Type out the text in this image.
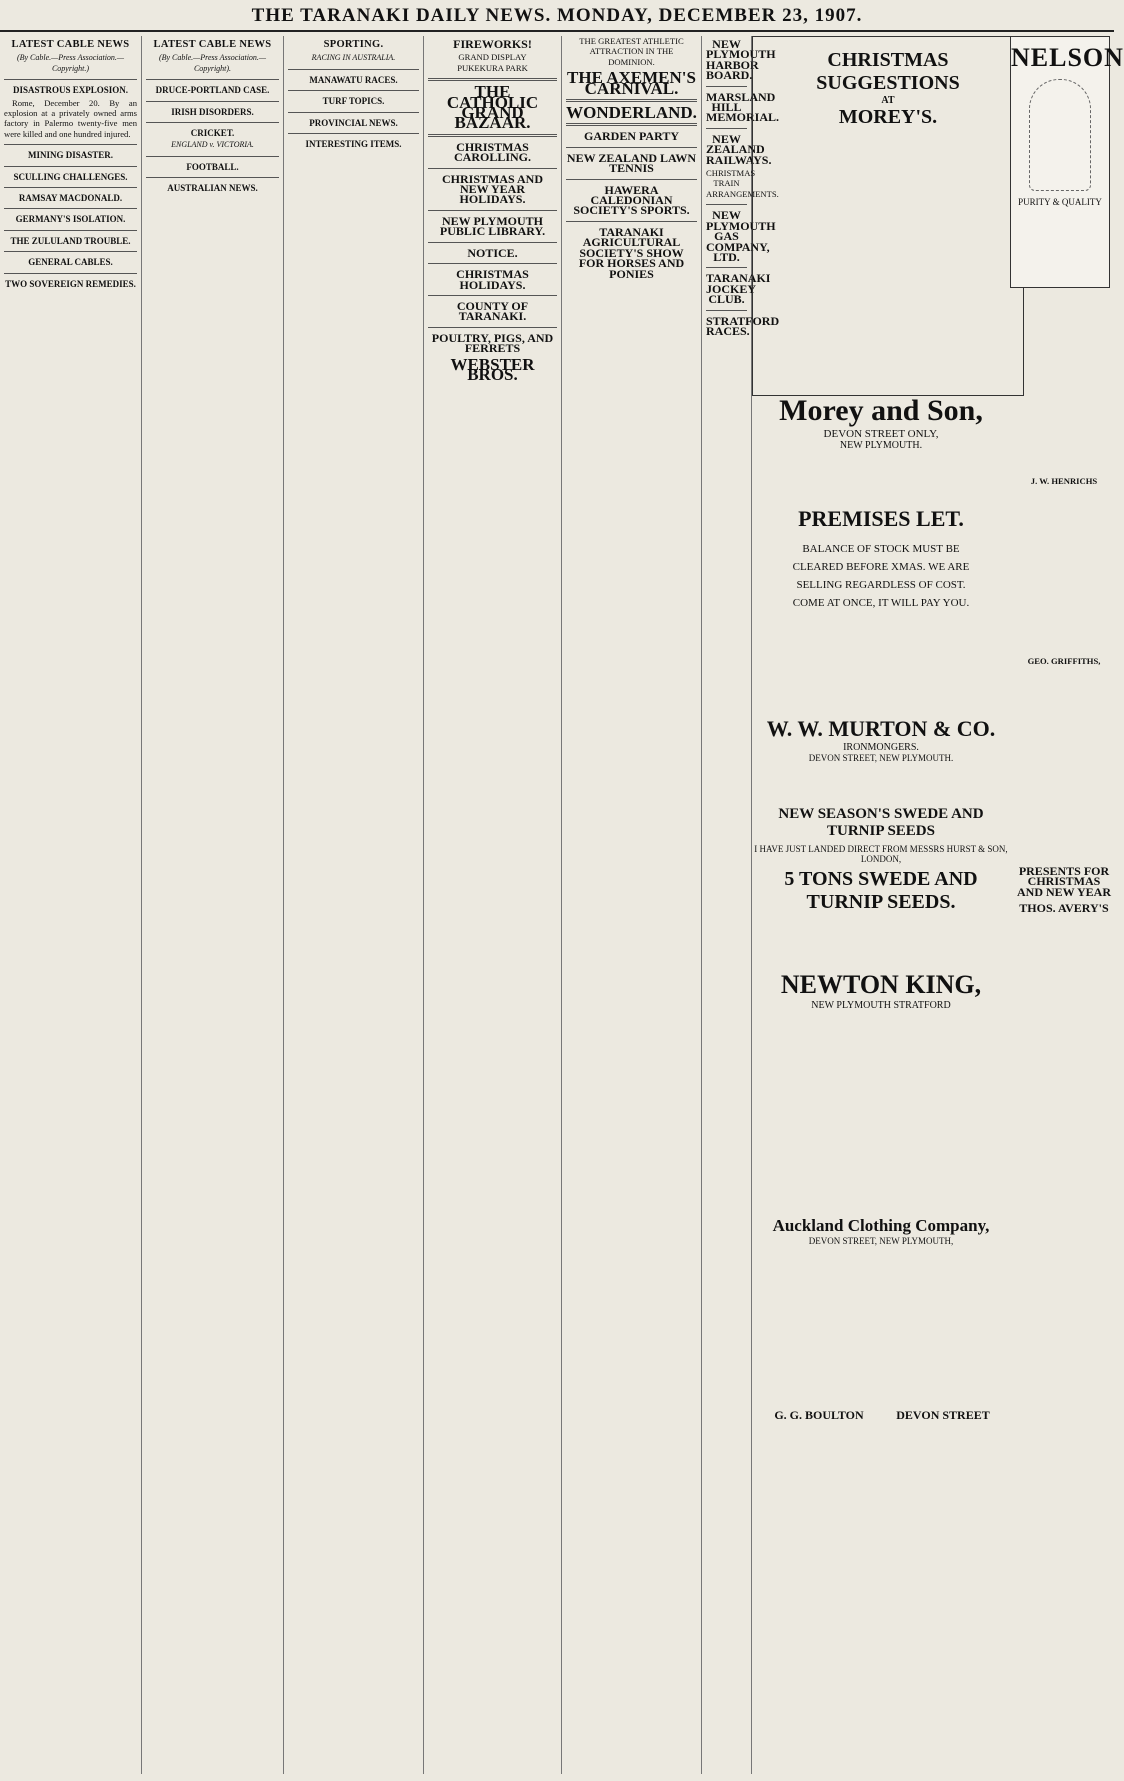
THE TARANAKI DAILY NEWS. MONDAY, DECEMBER 23, 1907.
LATEST CABLE NEWS
(By Cable.—Press Association.—Copyright.)
DISASTROUS EXPLOSION.

Rome, December 20. By an explosion at a privately owned arms factory in Palermo twenty-five men were killed and one hundred injured.

MINING DISASTER.
SCULLING CHALLENGES.
RAMSAY MACDONALD.
GERMANY'S ISOLATION.
THE ZULULAND TROUBLE.
GENERAL CABLES.
TWO SOVEREIGN REMEDIES.
LATEST CABLE NEWS
(By Cable.—Press Association.—Copyright).
DRUCE-PORTLAND CASE.
IRISH DISORDERS.
CRICKET.
ENGLAND v. VICTORIA.
FOOTBALL.
AUSTRALIAN NEWS.
SPORTING.
RACING IN AUSTRALIA.
MANAWATU RACES.
TURF TOPICS.
PROVINCIAL NEWS.
INTERESTING ITEMS.
FIREWORKS!
GRAND DISPLAY
PUKEKURA PARK
THE CATHOLIC GRAND BAZAAR.
CHRISTMAS CAROLLING.
CHRISTMAS AND NEW YEAR HOLIDAYS.
NEW PLYMOUTH PUBLIC LIBRARY.
NOTICE.
CHRISTMAS HOLIDAYS.
COUNTY OF TARANAKI.
POULTRY, PIGS, AND FERRETS
WEBSTER BROS.
THE GREATEST ATHLETIC ATTRACTION IN THE DOMINION.
THE AXEMEN'S CARNIVAL.
WONDERLAND.
GARDEN PARTY
NEW ZEALAND LAWN TENNIS
HAWERA CALEDONIAN SOCIETY'S SPORTS.
TARANAKI AGRICULTURAL SOCIETY'S SHOW FOR HORSES AND PONIES
NEW PLYMOUTH HARBOR BOARD.
MARSLAND HILL MEMORIAL.
NEW ZEALAND RAILWAYS.
CHRISTMAS TRAIN ARRANGEMENTS.
NEW PLYMOUTH GAS COMPANY, LTD.
TARANAKI JOCKEY CLUB.
STRATFORD RACES.
CHRISTMAS SUGGESTIONS
AT
MOREY'S.
NELSON
PURITY & QUALITY
Morey and Son,
DEVON STREET ONLY,
NEW PLYMOUTH.
PREMISES LET.
BALANCE OF STOCK MUST BE CLEARED BEFORE XMAS. WE ARE SELLING REGARDLESS OF COST. COME AT ONCE, IT WILL PAY YOU.
W. W. MURTON & CO.
IRONMONGERS.
DEVON STREET, NEW PLYMOUTH.
NEW SEASON'S SWEDE AND TURNIP SEEDS
I HAVE JUST LANDED DIRECT FROM MESSRS HURST & SON, LONDON,
5 TONS SWEDE AND TURNIP SEEDS.
NEWTON KING,
NEW PLYMOUTH STRATFORD
Auckland Clothing Company,
DEVON STREET, NEW PLYMOUTH,
G. G. BOULTON	DEVON STREET
J. W. HENRICHS
GEO. GRIFFITHS,
PRESENTS FOR CHRISTMAS AND NEW YEAR
THOS. AVERY'S
